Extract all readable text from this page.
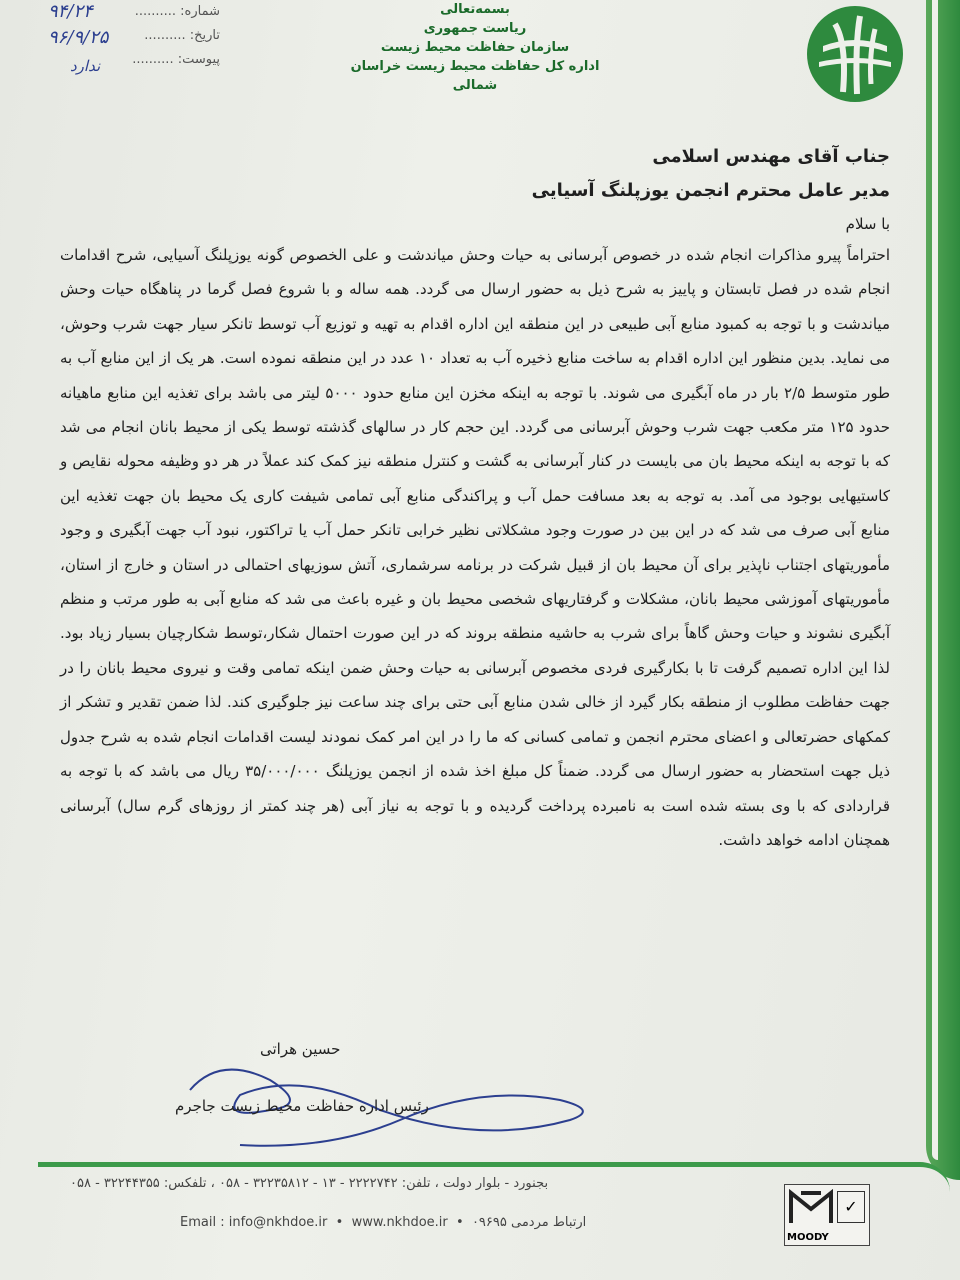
بسمه‌تعالی
ریاست جمهوری
سازمان حفاظت محیط زیست
اداره کل حفاظت محیط زیست خراسان شمالی
شماره: ..........
تاریخ: ..........
پیوست: ..........
۹۴/۲۴
۹۶/۹/۲۵
ندارد
جناب آقای مهندس اسلامی
مدیر عامل محترم انجمن یوزپلنگ آسیایی
با سلام

احتراماً پیرو مذاکرات انجام شده در خصوص آبرسانی به حیات وحش میاندشت و علی الخصوص گونه یوزپلنگ آسیایی، شرح اقدامات انجام شده در فصل تابستان و پاییز به شرح ذیل به حضور ارسال می گردد. همه ساله و با شروع فصل گرما در پناهگاه حیات وحش میاندشت و با توجه به کمبود منابع آبی طبیعی در این منطقه این اداره اقدام به تهیه و توزیع آب توسط تانکر سیار جهت شرب وحوش، می نماید. بدین منظور این اداره اقدام به ساخت منابع ذخیره آب به تعداد ۱۰ عدد در این منطقه نموده است. هر یک از این منابع آب به طور متوسط ۲/۵ بار در ماه آبگیری می شوند. با توجه به اینکه مخزن این منابع حدود ۵۰۰۰ لیتر می باشد برای تغذیه این منابع ماهیانه حدود ۱۲۵ متر مکعب جهت شرب وحوش آبرسانی می گردد. این حجم کار در سالهای گذشته توسط یکی از محیط بانان انجام می شد که با توجه به اینکه محیط بان می بایست در کنار آبرسانی به گشت و کنترل منطقه نیز کمک کند عملاً در هر دو وظیفه محوله نقایص و کاستیهایی بوجود می آمد. به توجه به بعد مسافت حمل آب و پراکندگی منابع آبی تمامی شیفت کاری یک محیط بان جهت تغذیه این منابع آبی صرف می شد که در این بین در صورت وجود مشکلاتی نظیر خرابی تانکر حمل آب یا تراکتور، نبود آب جهت آبگیری و وجود مأموریتهای اجتناب ناپذیر برای آن محیط بان از قبیل شرکت در برنامه سرشماری، آتش سوزیهای احتمالی در استان و خارج از استان، مأموریتهای آموزشی محیط بانان، مشکلات و گرفتاریهای شخصی محیط بان و غیره باعث می شد که منابع آبی به طور مرتب و منظم آبگیری نشوند و حیات وحش گاهاً برای شرب به حاشیه منطقه بروند که در این صورت احتمال شکار،توسط شکارچیان بسیار زیاد بود. لذا این اداره تصمیم گرفت تا با بکارگیری فردی مخصوص آبرسانی به حیات وحش ضمن اینکه تمامی وقت و نیروی محیط بانان را در جهت حفاظت مطلوب از منطقه بکار گیرد از خالی شدن منابع آبی حتی برای چند ساعت نیز جلوگیری کند. لذا ضمن تقدیر و تشکر از کمکهای حضرتعالی و اعضای محترم انجمن و تمامی کسانی که ما را در این امر کمک نمودند لیست اقدامات انجام شده به شرح جدول ذیل جهت استحضار به حضور ارسال می گردد. ضمناً کل مبلغ اخذ شده از انجمن یوزپلنگ ۳۵/۰۰۰/۰۰۰ ریال می باشد که با توجه به قراردادی که با وی بسته شده است به نامبرده پرداخت گردیده و با توجه به نیاز آبی (هر چند کمتر از روزهای گرم سال) آبرسانی همچنان ادامه خواهد داشت.

حسین هراتی
رئیس اداره حفاظت محیط زیست جاجرم
بجنورد - بلوار دولت ، تلفن: ۲۲۲۲۷۴۲ - ۱۳ - ۳۲۲۳۵۸۱۲ - ۰۵۸ ، تلفکس: ۳۲۲۴۴۳۵۵ - ۰۵۸
ارتباط مردمی ۰۹۶۹۵  •  Email : info@nkhdoe.ir  •  www.nkhdoe.ir
✓
MOODY
